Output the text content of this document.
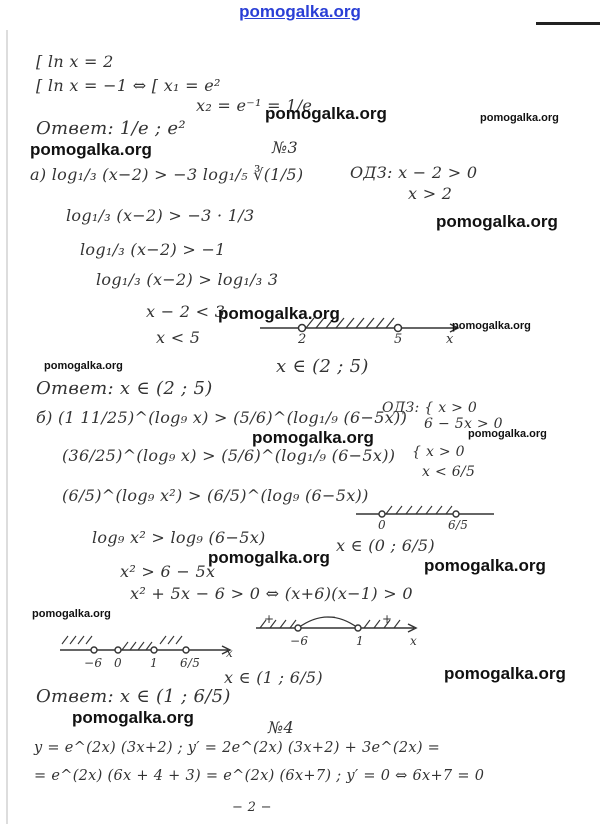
pomogalka.org
[ ln x = 2
[ ln x = −1 ⇔ [ x₁ = e²
x₂ = e⁻¹ = 1/e
Ответ: 1/e ; e²
№3
а) log₁/₃ (x−2) > −3 log₁/₅ ∛(1/5)	ОДЗ: x − 2 > 0
x > 2
log₁/₃ (x−2) > −3 · 1/3
log₁/₃ (x−2) > −1
log₁/₃ (x−2) > log₁/₃ 3
x − 2 < 3
x < 5	2	5	x
x ∈ (2 ; 5)
Ответ: x ∈ (2 ; 5)
б) (1 11/25)^(log₉ x) > (5/6)^(log₁/₉ (6−5x))
ОДЗ: { x > 0
6 − 5x > 0
{ x > 0
x < 6/5
(36/25)^(log₉ x) > (5/6)^(log₁/₉ (6−5x))
(6/5)^(log₉ x²) > (6/5)^(log₉ (6−5x))
0	6/5
x ∈ (0 ; 6/5)
log₉ x² > log₉ (6−5x)
x² > 6 − 5x
x² + 5x − 6 > 0 ⇔ (x+6)(x−1) > 0
+	−	+
−6	1	x
−6 0 1 6/5
x
x ∈ (1 ; 6/5)
Ответ: x ∈ (1 ; 6/5)
№4
y = e^(2x) (3x+2) ; y′ = 2e^(2x) (3x+2) + 3e^(2x) =
= e^(2x) (6x + 4 + 3) = e^(2x) (6x+7) ; y′ = 0 ⇔ 6x+7 = 0
− 2 −
pomogalka.org	pomogalka.org
pomogalka.org
pomogalka.org
pomogalka.org
pomogalka.org
pomogalka.org
pomogalka.org	pomogalka.org
pomogalka.org	pomogalka.org
pomogalka.org
pomogalka.org
pomogalka.org
